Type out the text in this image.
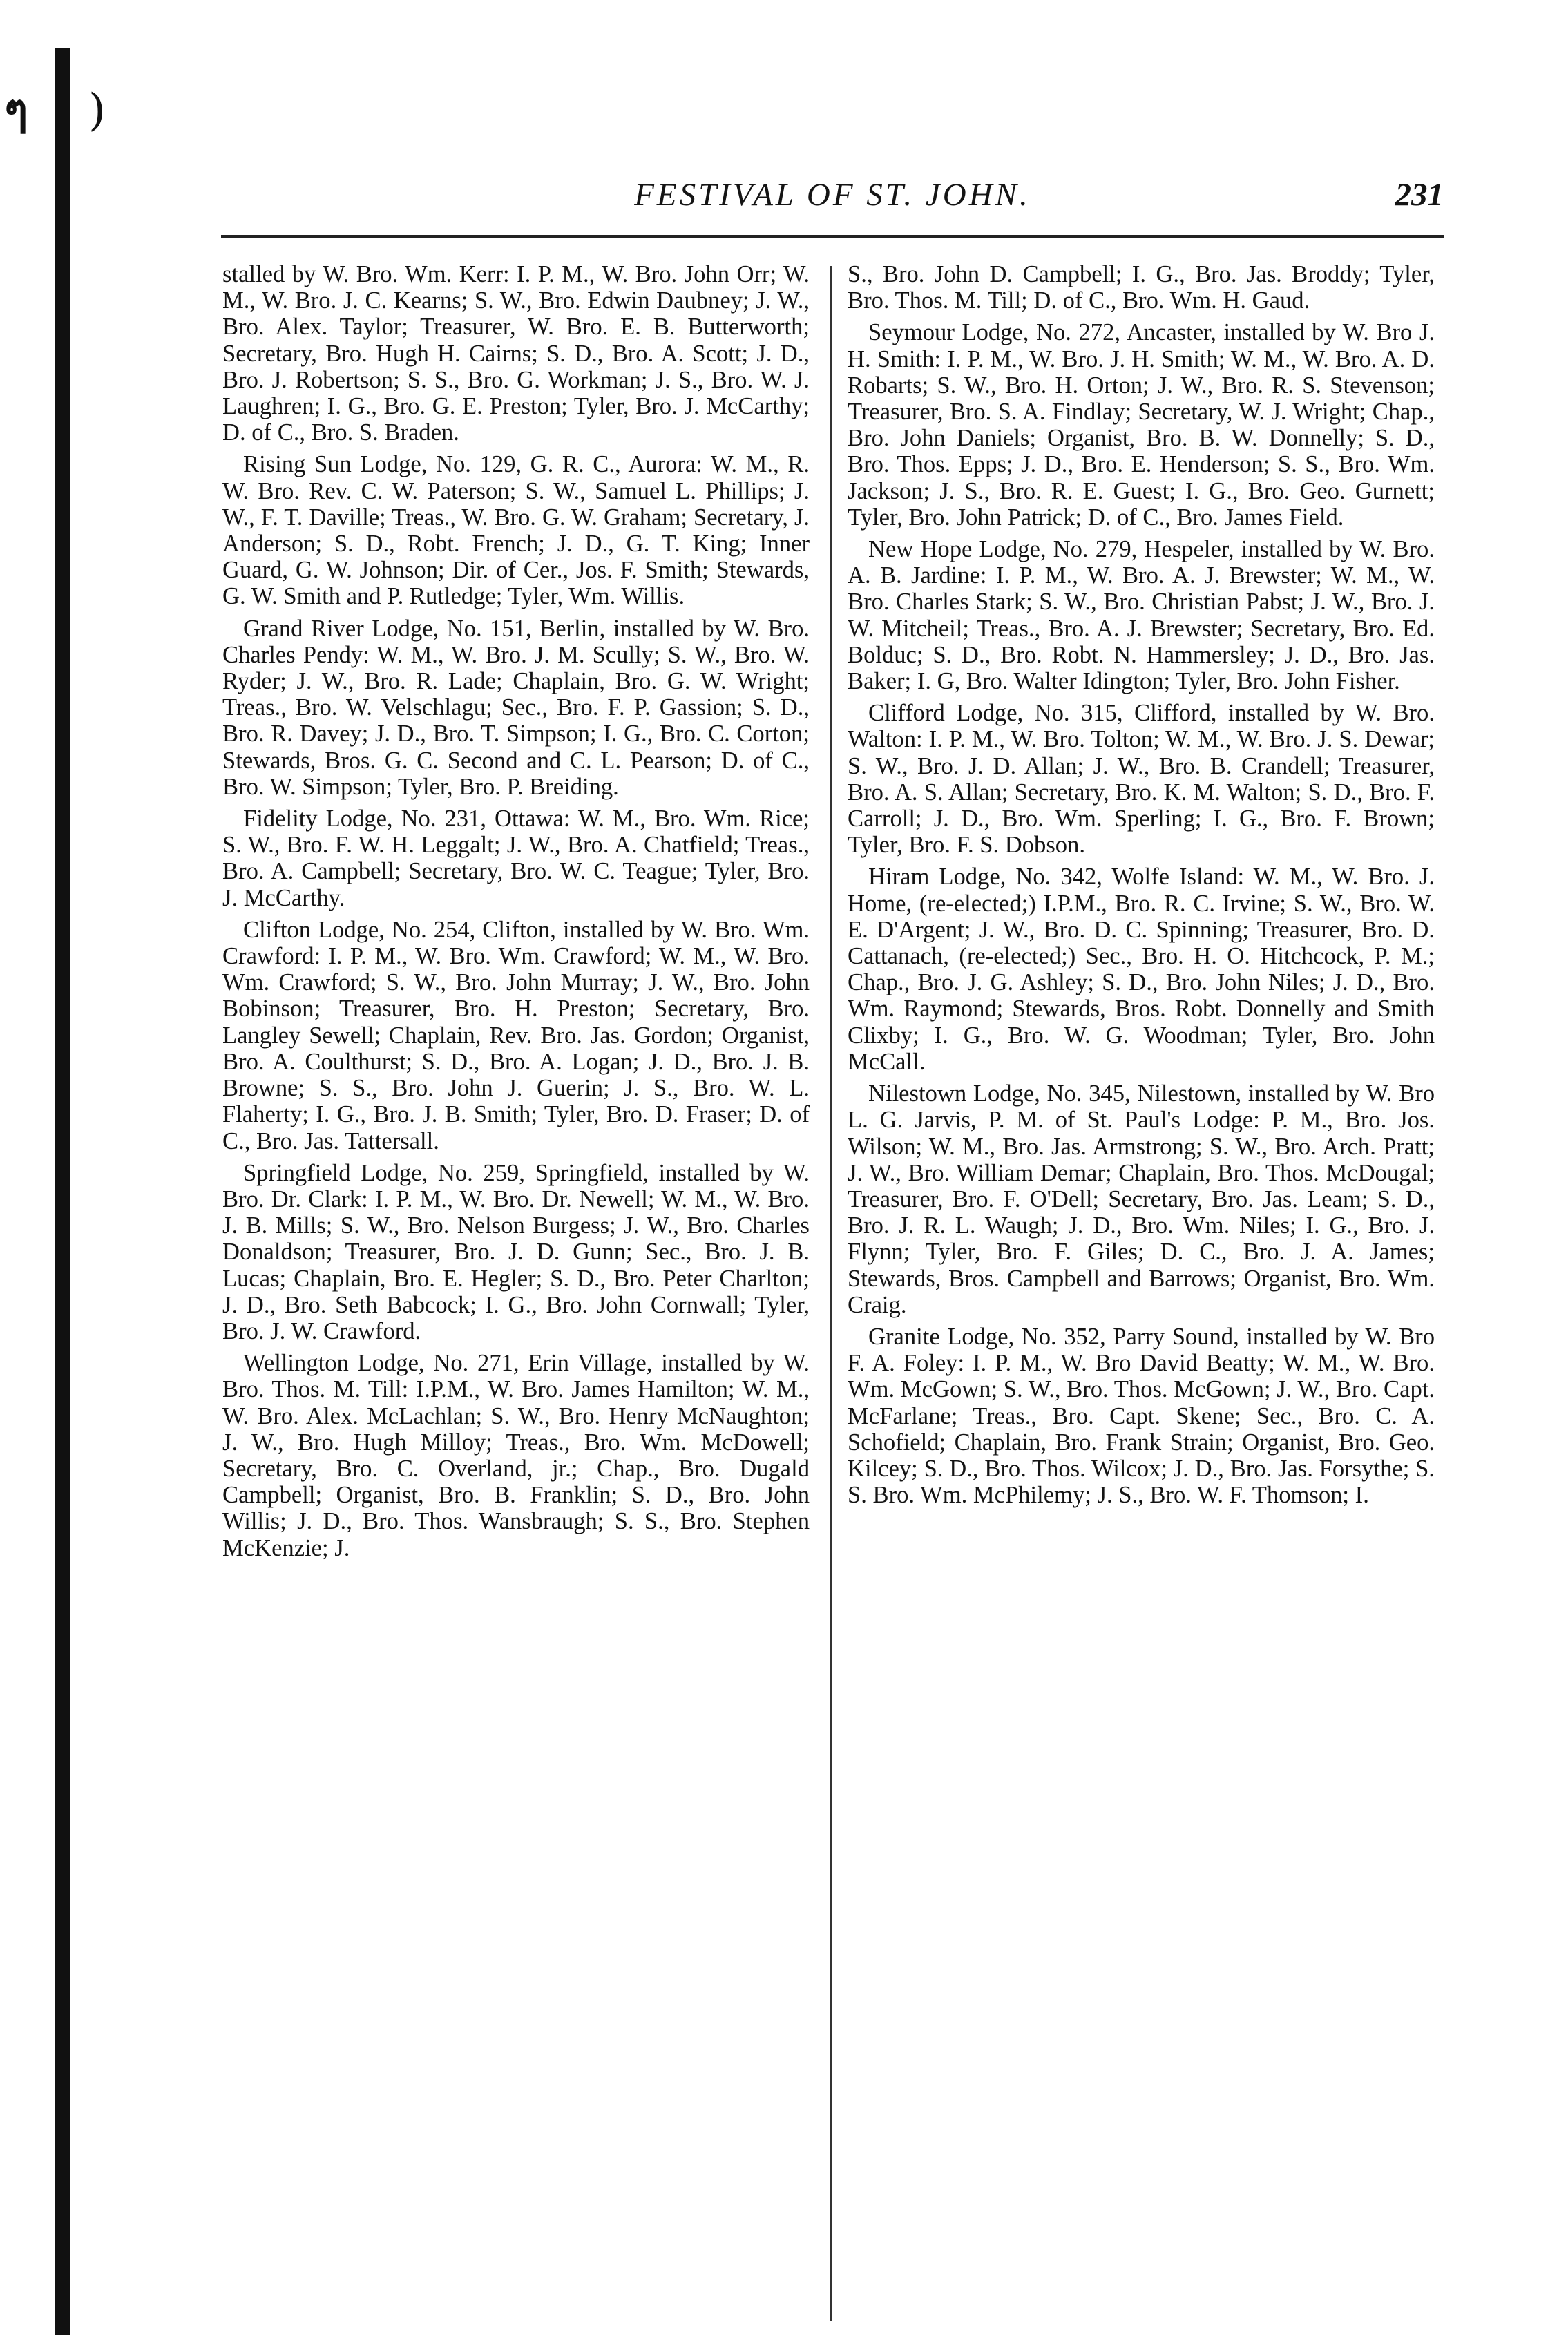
ๆ )
FESTIVAL OF ST. JOHN.	231

stalled by W. Bro. Wm. Kerr: I. P. M., W. Bro. John Orr; W. M., W. Bro. J. C. Kearns; S. W., Bro. Edwin Daubney; J. W., Bro. Alex. Taylor; Treasurer, W. Bro. E. B. Butterworth; Secretary, Bro. Hugh H. Cairns; S. D., Bro. A. Scott; J. D., Bro. J. Robertson; S. S., Bro. G. Workman; J. S., Bro. W. J. Laughren; I. G., Bro. G. E. Preston; Tyler, Bro. J. McCarthy; D. of C., Bro. S. Braden.

Rising Sun Lodge, No. 129, G. R. C., Aurora: W. M., R. W. Bro. Rev. C. W. Paterson; S. W., Samuel L. Phillips; J. W., F. T. Daville; Treas., W. Bro. G. W. Graham; Secretary, J. Anderson; S. D., Robt. French; J. D., G. T. King; Inner Guard, G. W. Johnson; Dir. of Cer., Jos. F. Smith; Stewards, G. W. Smith and P. Rutledge; Tyler, Wm. Willis.

Grand River Lodge, No. 151, Berlin, installed by W. Bro. Charles Pendy: W. M., W. Bro. J. M. Scully; S. W., Bro. W. Ryder; J. W., Bro. R. Lade; Chaplain, Bro. G. W. Wright; Treas., Bro. W. Velschlagu; Sec., Bro. F. P. Gassion; S. D., Bro. R. Davey; J. D., Bro. T. Simpson; I. G., Bro. C. Corton; Stewards, Bros. G. C. Second and C. L. Pearson; D. of C., Bro. W. Simpson; Tyler, Bro. P. Breiding.

Fidelity Lodge, No. 231, Ottawa: W. M., Bro. Wm. Rice; S. W., Bro. F. W. H. Leggalt; J. W., Bro. A. Chatfield; Treas., Bro. A. Campbell; Secretary, Bro. W. C. Teague; Tyler, Bro. J. McCarthy.

Clifton Lodge, No. 254, Clifton, installed by W. Bro. Wm. Crawford: I. P. M., W. Bro. Wm. Crawford; W. M., W. Bro. Wm. Crawford; S. W., Bro. John Murray; J. W., Bro. John Bobinson; Treasurer, Bro. H. Preston; Secretary, Bro. Langley Sewell; Chaplain, Rev. Bro. Jas. Gordon; Organist, Bro. A. Coulthurst; S. D., Bro. A. Logan; J. D., Bro. J. B. Browne; S. S., Bro. John J. Guerin; J. S., Bro. W. L. Flaherty; I. G., Bro. J. B. Smith; Tyler, Bro. D. Fraser; D. of C., Bro. Jas. Tattersall.

Springfield Lodge, No. 259, Springfield, installed by W. Bro. Dr. Clark: I. P. M., W. Bro. Dr. Newell; W. M., W. Bro. J. B. Mills; S. W., Bro. Nelson Burgess; J. W., Bro. Charles Donaldson; Treasurer, Bro. J. D. Gunn; Sec., Bro. J. B. Lucas; Chaplain, Bro. E. Hegler; S. D., Bro. Peter Charlton; J. D., Bro. Seth Babcock; I. G., Bro. John Cornwall; Tyler, Bro. J. W. Crawford.

Wellington Lodge, No. 271, Erin Village, installed by W. Bro. Thos. M. Till: I.P.M., W. Bro. James Hamilton; W. M., W. Bro. Alex. McLachlan; S. W., Bro. Henry McNaughton; J. W., Bro. Hugh Milloy; Treas., Bro. Wm. McDowell; Secretary, Bro. C. Overland, jr.; Chap., Bro. Dugald Campbell; Organist, Bro. B. Franklin; S. D., Bro. John Willis; J. D., Bro. Thos. Wansbraugh; S. S., Bro. Stephen McKenzie; J.

S., Bro. John D. Campbell; I. G., Bro. Jas. Broddy; Tyler, Bro. Thos. M. Till; D. of C., Bro. Wm. H. Gaud.

Seymour Lodge, No. 272, Ancaster, installed by W. Bro J. H. Smith: I. P. M., W. Bro. J. H. Smith; W. M., W. Bro. A. D. Robarts; S. W., Bro. H. Orton; J. W., Bro. R. S. Stevenson; Treasurer, Bro. S. A. Findlay; Secretary, W. J. Wright; Chap., Bro. John Daniels; Organist, Bro. B. W. Donnelly; S. D., Bro. Thos. Epps; J. D., Bro. E. Henderson; S. S., Bro. Wm. Jackson; J. S., Bro. R. E. Guest; I. G., Bro. Geo. Gurnett; Tyler, Bro. John Patrick; D. of C., Bro. James Field.

New Hope Lodge, No. 279, Hespeler, installed by W. Bro. A. B. Jardine: I. P. M., W. Bro. A. J. Brewster; W. M., W. Bro. Charles Stark; S. W., Bro. Christian Pabst; J. W., Bro. J. W. Mitcheil; Treas., Bro. A. J. Brewster; Secretary, Bro. Ed. Bolduc; S. D., Bro. Robt. N. Hammersley; J. D., Bro. Jas. Baker; I. G, Bro. Walter Idington; Tyler, Bro. John Fisher.

Clifford Lodge, No. 315, Clifford, installed by W. Bro. Walton: I. P. M., W. Bro. Tolton; W. M., W. Bro. J. S. Dewar; S. W., Bro. J. D. Allan; J. W., Bro. B. Crandell; Treasurer, Bro. A. S. Allan; Secretary, Bro. K. M. Walton; S. D., Bro. F. Carroll; J. D., Bro. Wm. Sperling; I. G., Bro. F. Brown; Tyler, Bro. F. S. Dobson.

Hiram Lodge, No. 342, Wolfe Island: W. M., W. Bro. J. Home, (re-elected;) I.P.M., Bro. R. C. Irvine; S. W., Bro. W. E. D'Argent; J. W., Bro. D. C. Spinning; Treasurer, Bro. D. Cattanach, (re-elected;) Sec., Bro. H. O. Hitchcock, P. M.; Chap., Bro. J. G. Ashley; S. D., Bro. John Niles; J. D., Bro. Wm. Raymond; Stewards, Bros. Robt. Donnelly and Smith Clixby; I. G., Bro. W. G. Woodman; Tyler, Bro. John McCall.

Nilestown Lodge, No. 345, Nilestown, installed by W. Bro L. G. Jarvis, P. M. of St. Paul's Lodge: P. M., Bro. Jos. Wilson; W. M., Bro. Jas. Armstrong; S. W., Bro. Arch. Pratt; J. W., Bro. William Demar; Chaplain, Bro. Thos. McDougal; Treasurer, Bro. F. O'Dell; Secretary, Bro. Jas. Leam; S. D., Bro. J. R. L. Waugh; J. D., Bro. Wm. Niles; I. G., Bro. J. Flynn; Tyler, Bro. F. Giles; D. C., Bro. J. A. James; Stewards, Bros. Campbell and Barrows; Organist, Bro. Wm. Craig.

Granite Lodge, No. 352, Parry Sound, installed by W. Bro F. A. Foley: I. P. M., W. Bro David Beatty; W. M., W. Bro. Wm. McGown; S. W., Bro. Thos. McGown; J. W., Bro. Capt. McFarlane; Treas., Bro. Capt. Skene; Sec., Bro. C. A. Schofield; Chaplain, Bro. Frank Strain; Organist, Bro. Geo. Kilcey; S. D., Bro. Thos. Wilcox; J. D., Bro. Jas. Forsythe; S. S. Bro. Wm. McPhilemy; J. S., Bro. W. F. Thomson; I.
